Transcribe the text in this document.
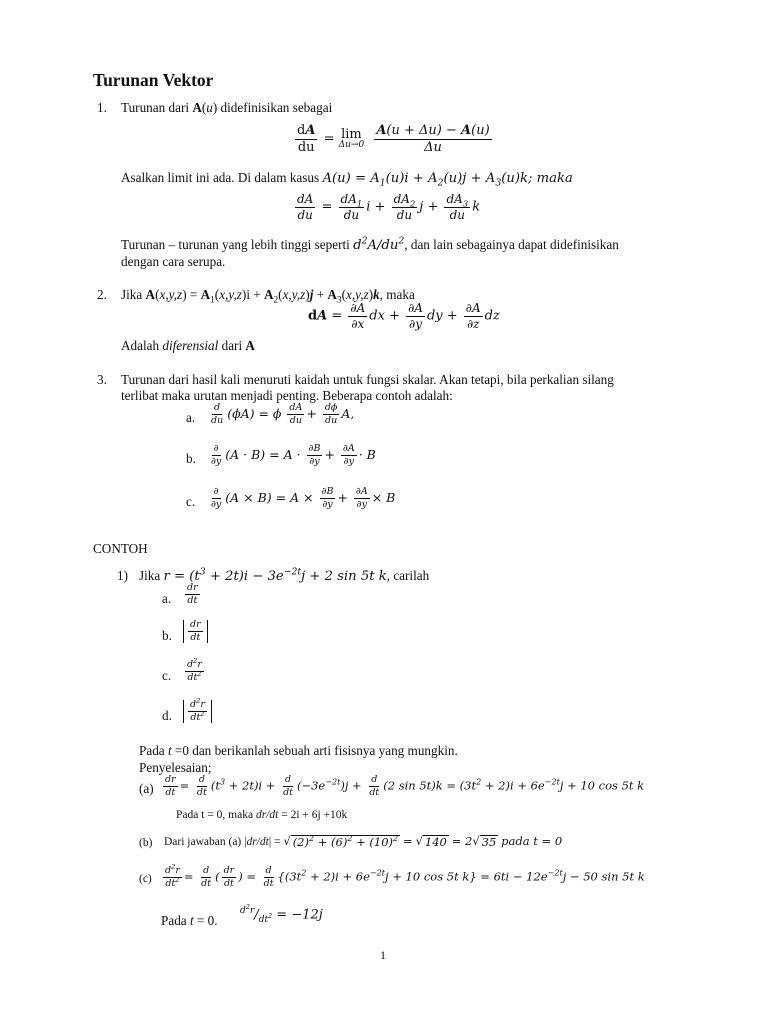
Turunan Vektor
1. Turunan dari A(u) didefinisikan sebagai
$\frac{dA}{du} = \lim$
Δu→0
$\frac{A(u + \Delta u) - A(u)}{\Delta u}$
Asalkan limit ini ada. Di dalam kasus $A(u) = A_1(u)i + A_2(u)j + A_3(u)k$; maka
$\frac{dA}{du} = \frac{dA_1}{du}$ $i + \frac{dA_2}{du}$ $j + \frac{dA_3}{du}$ k
Turunan – turunan yang lebih tinggi seperti $d^2A/du^2$, dan lain sebagainya dapat didefinisikan
dengan cara serupa.
2. Jika $A(x,y,z) = A_1(x,y,z)i + A_2(x,y,z)j + A_3(x,y,z)k$, maka
dA = $\frac{\partial A}{\partial x}$ dx + $\frac{\partial A}{\partial y}$ dy + $\frac{\partial A}{\partial z}$ dz
Adalah diferensial dari A
3. Turunan dari hasil kali menuruti kaidah untuk fungsi skalar. Akan tetapi, bila perkalian silang
terlibat maka urutan menjadi penting. Beberapa contoh adalah:
a. $\frac{d}{du} (\phi A) = \phi \frac{dA}{du} + \frac{d\phi}{du} A$,
b. $\frac{\partial}{\partial y} (A \cdot B) = A \cdot \frac{\partial B}{\partial y} + \frac{\partial A}{\partial y} \cdot B$
c. $\frac{\partial}{\partial y} (A \times B) = A \times \frac{\partial B}{\partial y} + \frac{\partial A}{\partial y} \times B$
CONTOH
1) Jika $r = (t^3 + 2t)i - 3e^{-2t}j + 2$ sin 5t k, carilah
a. $\frac{dr}{dt}$
b. $\frac{dr}{dt}$
c. $\frac{d^2r}{dt^2}$
d. $\frac{d^2r}{dt^2}$
Pada t =0 dan berikanlah sebuah arti fisisnya yang mungkin.
Penyelesaian;
$(a) \frac{dr}{dt} = \frac{d}{dt} (t^3 + 2t)i + \frac{d}{dt} (-3e^{-2t})j + \frac{d}{dt} (2$ $\sin 5t)k = (3t^2 + 2)i + 6e^{-2t}j + 10$ cos 5t k
Pada t = 0, maka dr/dt = 2i + 6j +10k
(b) Dari jawaban (a) |dr/dt| = √ $(2)^2 + (6)^2 + (10)^2$ = √ 140 = 2 √ 35 pada t = 0
$(c) \frac{d^2r}{dt^2} = \frac{d}{dt}$ ( $\frac{dr}{dt}$ ) = $\frac{d}{dt} \{(3t^2 + 2)i + 6e^{-2t}j + 10$ cos 5t $k\} = 6ti - 12e^{-2t}j - 50$ sin 5t k
Pada t = 0.
$^{d^2r}/_{dt^2} = -12j$
1
